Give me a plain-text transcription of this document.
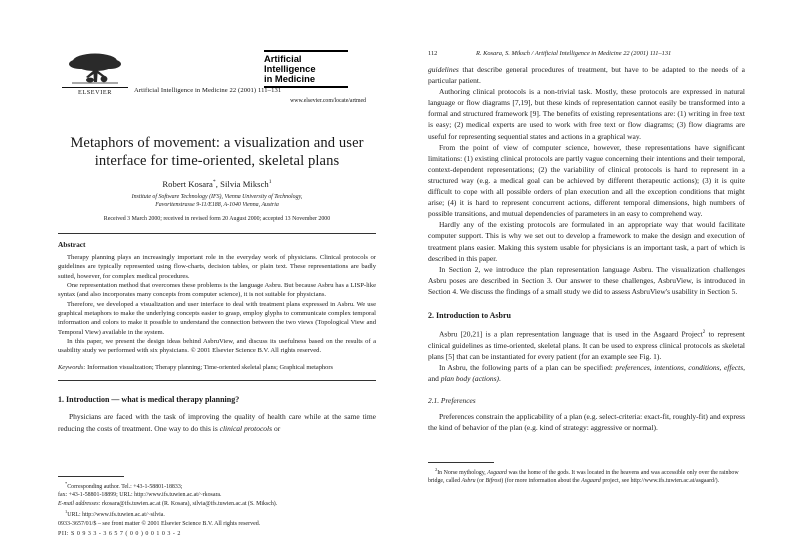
ELSEVIER	Artificial Intelligence in Medicine 22 (2001) 111–131
Artificial
Intelligence
in Medicine
www.elsevier.com/locate/artmed
Metaphors of movement: a visualization and user
interface for time-oriented, skeletal plans
Robert Kosara*, Silvia Miksch$^1$
Institute of Software Technology (IFS), Vienna University of Technology,
Favoritenstrasse 9-11/E188, A-1040 Vienna, Austria
Received 3 March 2000; received in revised form 20 August 2000; accepted 13 November 2000
Abstract

Therapy planning plays an increasingly important role in the everyday work of physicians. Clinical protocols or guidelines are typically represented using flow-charts, decision tables, or plain text. These representations are badly suited, however, for complex medical procedures.

One representation method that overcomes these problems is the language Asbru. But because Asbru has a LISP-like syntax (and also incorporates many concepts from computer science), it is not suitable for physicians.

Therefore, we developed a visualization and user interface to deal with treatment plans expressed in Asbru. We use graphical metaphors to make the underlying concepts easier to grasp, employ glyphs to communicate complex temporal information and colors to make it possible to understand the connection between the two views (Topological View and Temporal View) available in the system.

In this paper, we present the design ideas behind AsbruView, and discuss its usefulness based on the results of a usability study we performed with six physicians. © 2001 Elsevier Science B.V. All rights reserved.

Keywords: Information visualization; Therapy planning; Time-oriented skeletal plans; Graphical metaphors
1. Introduction — what is medical therapy planning?

Physicians are faced with the task of improving the quality of health care while at the same time reducing the costs of treatment. One way to do this is clinical protocols or

*Corresponding author. Tel.: +43-1-58801-18833;

fax: +43-1-58801-18899; URL: http://www.ifs.tuwien.ac.at/~rkosara.

E-mail addresses: rkosara@ifs.tuwien.ac.at (R. Kosara), silvia@ifs.tuwien.ac.at (S. Miksch).

$^1$URL: http://www.ifs.tuwien.ac.at/~silvia.

0933-3657/01/$ – see front matter © 2001 Elsevier Science B.V. All rights reserved.
PII: S 0 9 3 3 - 3 6 5 7 ( 0 0 ) 0 0 1 0 3 - 2
112	R. Kosara, S. Miksch / Artificial Intelligence in Medicine 22 (2001) 111–131

guidelines that describe general procedures of treatment, but have to be adapted to the needs of a particular patient.

Authoring clinical protocols is a non-trivial task. Mostly, these protocols are expressed in natural language or flow diagrams [7,19], but these kinds of representation cannot easily be transformed into a formal and structured framework [9]. The benefits of existing representations are: (1) writing in free text is easy; (2) medical experts are used to work with free text or flow diagrams; (3) flow diagrams are useful for representing sequential states and actions in a graphical way.

From the point of view of computer science, however, these representations have significant limitations: (1) existing clinical protocols are partly vague concerning their intentions and their temporal, context-dependent representations; (2) the variability of clinical protocols is hard to represent in a structured way (e.g. a medical goal can be achieved by different therapeutic actions); (3) it is quite difficult to cope with all possible orders of plan execution and all the exception conditions that might arise; (4) it is hard to represent concurrent actions, different temporal dimensions, high numbers of possible transitions, and mutual dependencies of parameters in an easy to comprehend way.

Hardly any of the existing protocols are formulated in an appropriate way that would facilitate computer support. This is why we set out to develop a framework to make the design and execution of treatment plans easier. Making this system usable for physicians is an important task, a part of which is described in this paper.

In Section 2, we introduce the plan representation language Asbru. The visualization challenges Asbru poses are described in Section 3. Our answer to these challenges, AsbruView, is introduced in Section 4. We discuss the findings of a small study we did to assess AsbruView's usability in Section 5.

2. Introduction to Asbru

Asbru [20,21] is a plan representation language that is used in the Asgaard Project$^2$ to represent clinical guidelines as time-oriented, skeletal plans. It can be used to express clinical protocols as skeletal plans [5] that can be instantiated for every patient (for an example see Fig. 1).

In Asbru, the following parts of a plan can be specified: preferences, intentions, conditions, effects, and plan body (actions).

2.1. Preferences

Preferences constrain the applicability of a plan (e.g. select-criteria: exact-fit, roughly-fit) and express the kind of behavior of the plan (e.g. kind of strategy: aggressive or normal).

$^2$In Norse mythology, Asgaard was the home of the gods. It was located in the heavens and was accessible only over the rainbow bridge, called Asbru (or Bifrost) (for more information about the Asgaard project, see http://www.ifs.tuwien.ac.at/asgaard/).
